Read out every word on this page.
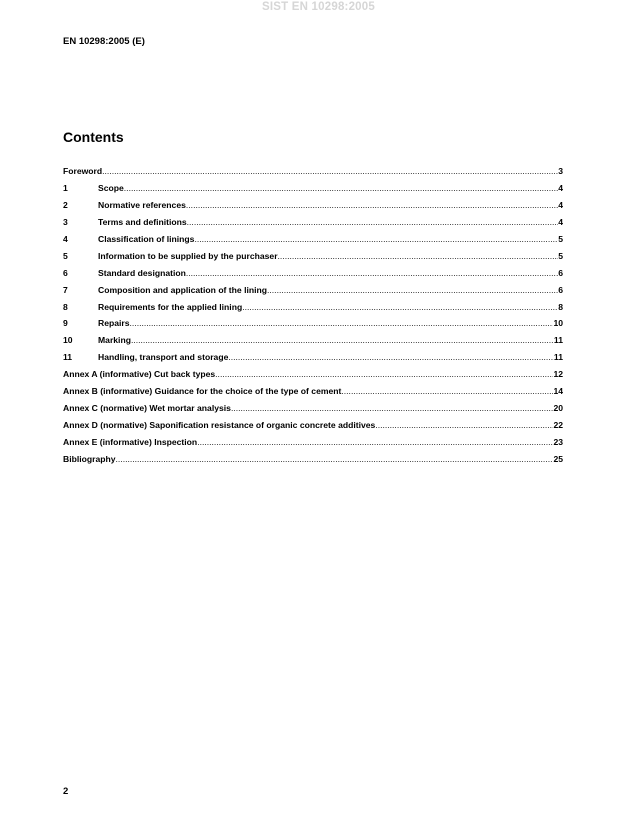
SIST EN 10298:2005
EN 10298:2005 (E)
Contents
Foreword .....	3
1	Scope .....	4
2	Normative references .....	4
3	Terms and definitions .....	4
4	Classification of linings .....	5
5	Information to be supplied by the purchaser .....	5
6	Standard designation .....	6
7	Composition and application of the lining .....	6
8	Requirements for the applied lining .....	8
9	Repairs .....	10
10	Marking .....	11
11	Handling, transport and storage .....	11
Annex A (informative) Cut back types .....	12
Annex B (informative) Guidance for the choice of the type of cement .....	14
Annex C (normative) Wet mortar analysis .....	20
Annex D (normative) Saponification resistance of organic concrete additives .....	22
Annex E (informative) Inspection .....	23
Bibliography .....	25
2
